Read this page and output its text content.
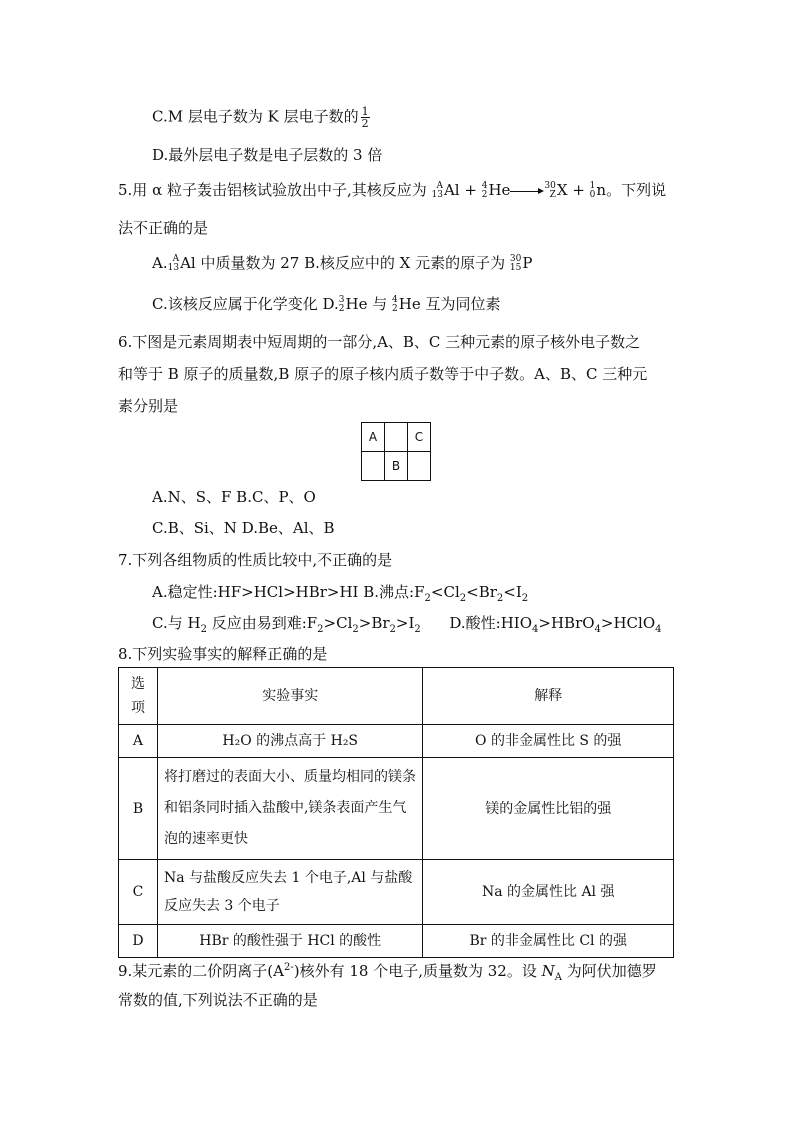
C.M 层电子数为 K 层电子数的 $\frac{1}{2}$
D.最外层电子数是电子层数的 3 倍
5.用 α 粒子轰击铝核试验放出中子,其核反应为 A
13 Al + 4
2 He	30
Z X + 1
0 n。下列说
法不正确的是
A. A
13 Al 中质量数为 27 B.核反应中的 X 元素的原子为 30
15 P
C.该核反应属于化学变化 D. 3
2 He 与 4
2 He 互为同位素
6.下图是元素周期表中短周期的一部分,A、B、C 三种元素的原子核外电子数之
和等于 B 原子的质量数,B 原子的原子核内质子数等于中子数。A、B、C 三种元
素分别是
A		C
	B	
A.N、S、F B.C、P、O
C.B、Si、N D.Be、Al、B
7.下列各组物质的性质比较中,不正确的是
A.稳定性:HF>HCl>HBr>HI B.沸点$:F_2<Cl_2<Br_2<I_2$
C.与 $H_2$ 反应由易到难$:F_2>Cl_2>Br_2>I_2$ D.酸性$:HIO_4>HBrO_4>HClO_4$
8.下列实验事实的解释正确的是
选项	实验事实	解释
A	H₂O 的沸点高于 H₂S	O 的非金属性比 S 的强
B	将打磨过的表面大小、质量均相同的镁条和铝条同时插入盐酸中,镁条表面产生气泡的速率更快	镁的金属性比铝的强
C	Na 与盐酸反应失去 1 个电子,Al 与盐酸反应失去 3 个电子	Na 的金属性比 Al 强
D	HBr 的酸性强于 HCl 的酸性	Br 的非金属性比 Cl 的强
9.某元素的二价阴离子$(A^{2-})$核外有 18 个电子,质量数为 32。设 $N_A$ 为阿伏加德罗
常数的值,下列说法不正确的是
